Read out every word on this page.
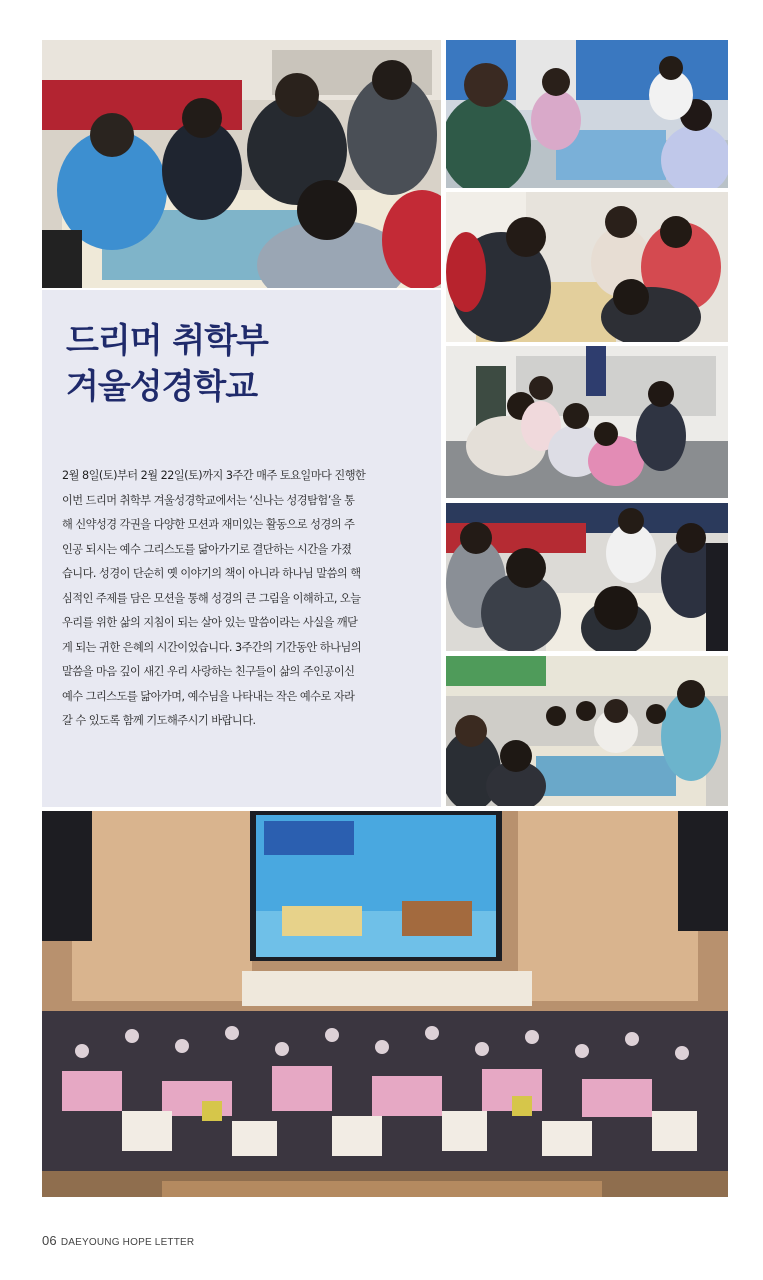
드리머 취학부
겨울성경학교

2월 8일(토)부터 2월 22일(토)까지 3주간 매주 토요일마다 진행한
이번 드리머 취학부 겨울성경학교에서는 ‘신나는 성경탐험’을 통
해 신약성경 각권을 다양한 모션과 재미있는 활동으로 성경의 주
인공 되시는 예수 그리스도를 닮아가기로 결단하는 시간을 가졌
습니다. 성경이 단순히 옛 이야기의 책이 아니라 하나님 말씀의 핵
심적인 주제를 담은 모션을 통해 성경의 큰 그림을 이해하고, 오늘
우리를 위한 삶의 지침이 되는 살아 있는 말씀이라는 사실을 깨닫
게 되는 귀한 은혜의 시간이었습니다. 3주간의 기간동안 하나님의
말씀을 마음 깊이 새긴 우리 사랑하는 친구들이 삶의 주인공이신
예수 그리스도를 닮아가며, 예수님을 나타내는 작은 예수로 자라
갈 수 있도록 함께 기도해주시기 바랍니다.

06 DAEYOUNG HOPE LETTER
